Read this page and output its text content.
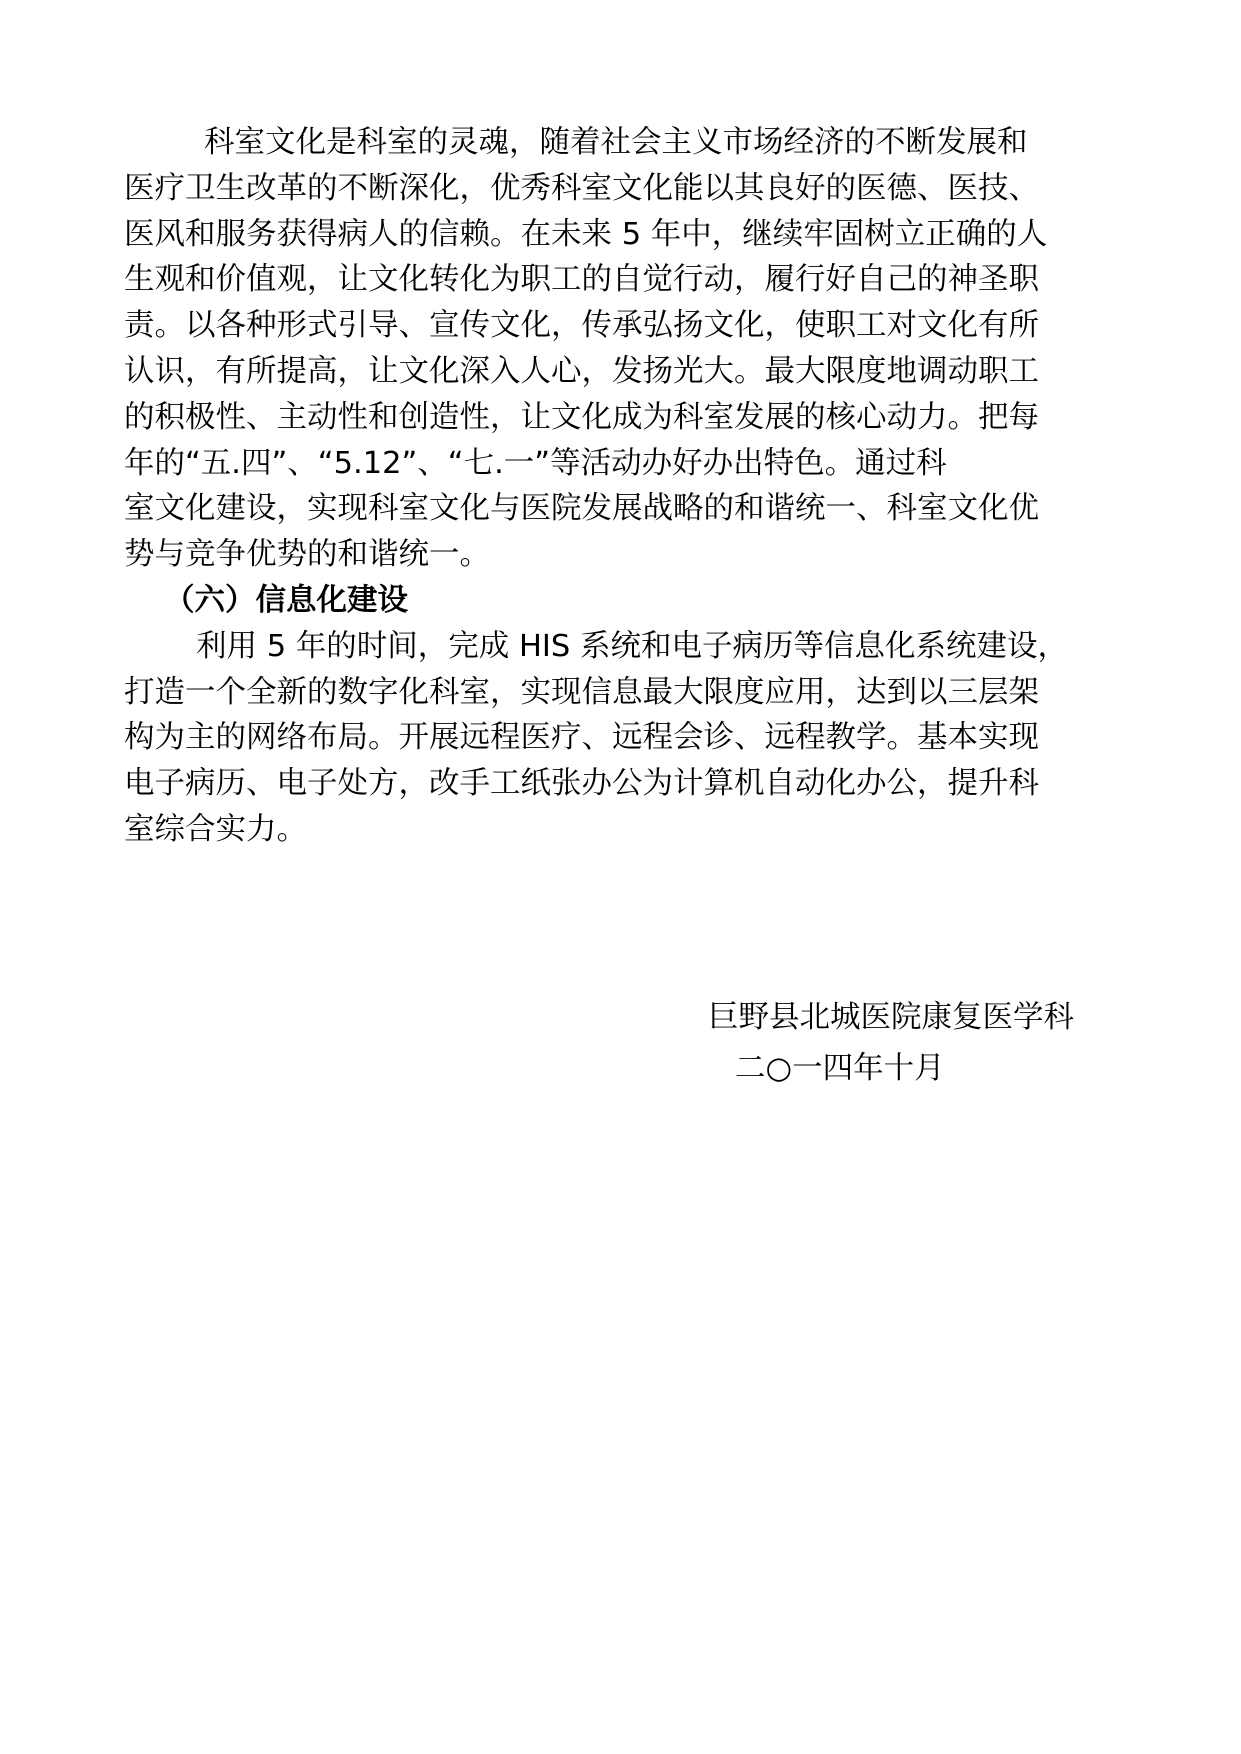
科室文化是科室的灵魂，随着社会主义市场经济的不断发展和
医疗卫生改革的不断深化，优秀科室文化能以其良好的医德、医技、
医风和服务获得病人的信赖。在未来 5 年中，继续牢固树立正确的人
生观和价值观，让文化转化为职工的自觉行动，履行好自己的神圣职
责。以各种形式引导、宣传文化，传承弘扬文化，使职工对文化有所
认识，有所提高，让文化深入人心，发扬光大。最大限度地调动职工
的积极性、主动性和创造性，让文化成为科室发展的核心动力。把每
年的“五.四”、“5.12”、“七.一”等活动办好办出特色。通过科
室文化建设，实现科室文化与医院发展战略的和谐统一、科室文化优
势与竞争优势的和谐统一。
（六）信息化建设
利用 5 年的时间，完成 HIS 系统和电子病历等信息化系统建设，
打造一个全新的数字化科室，实现信息最大限度应用，达到以三层架
构为主的网络布局。开展远程医疗、远程会诊、远程教学。基本实现
电子病历、电子处方，改手工纸张办公为计算机自动化办公，提升科
室综合实力。
巨野县北城医院康复医学科
二○一四年十月
